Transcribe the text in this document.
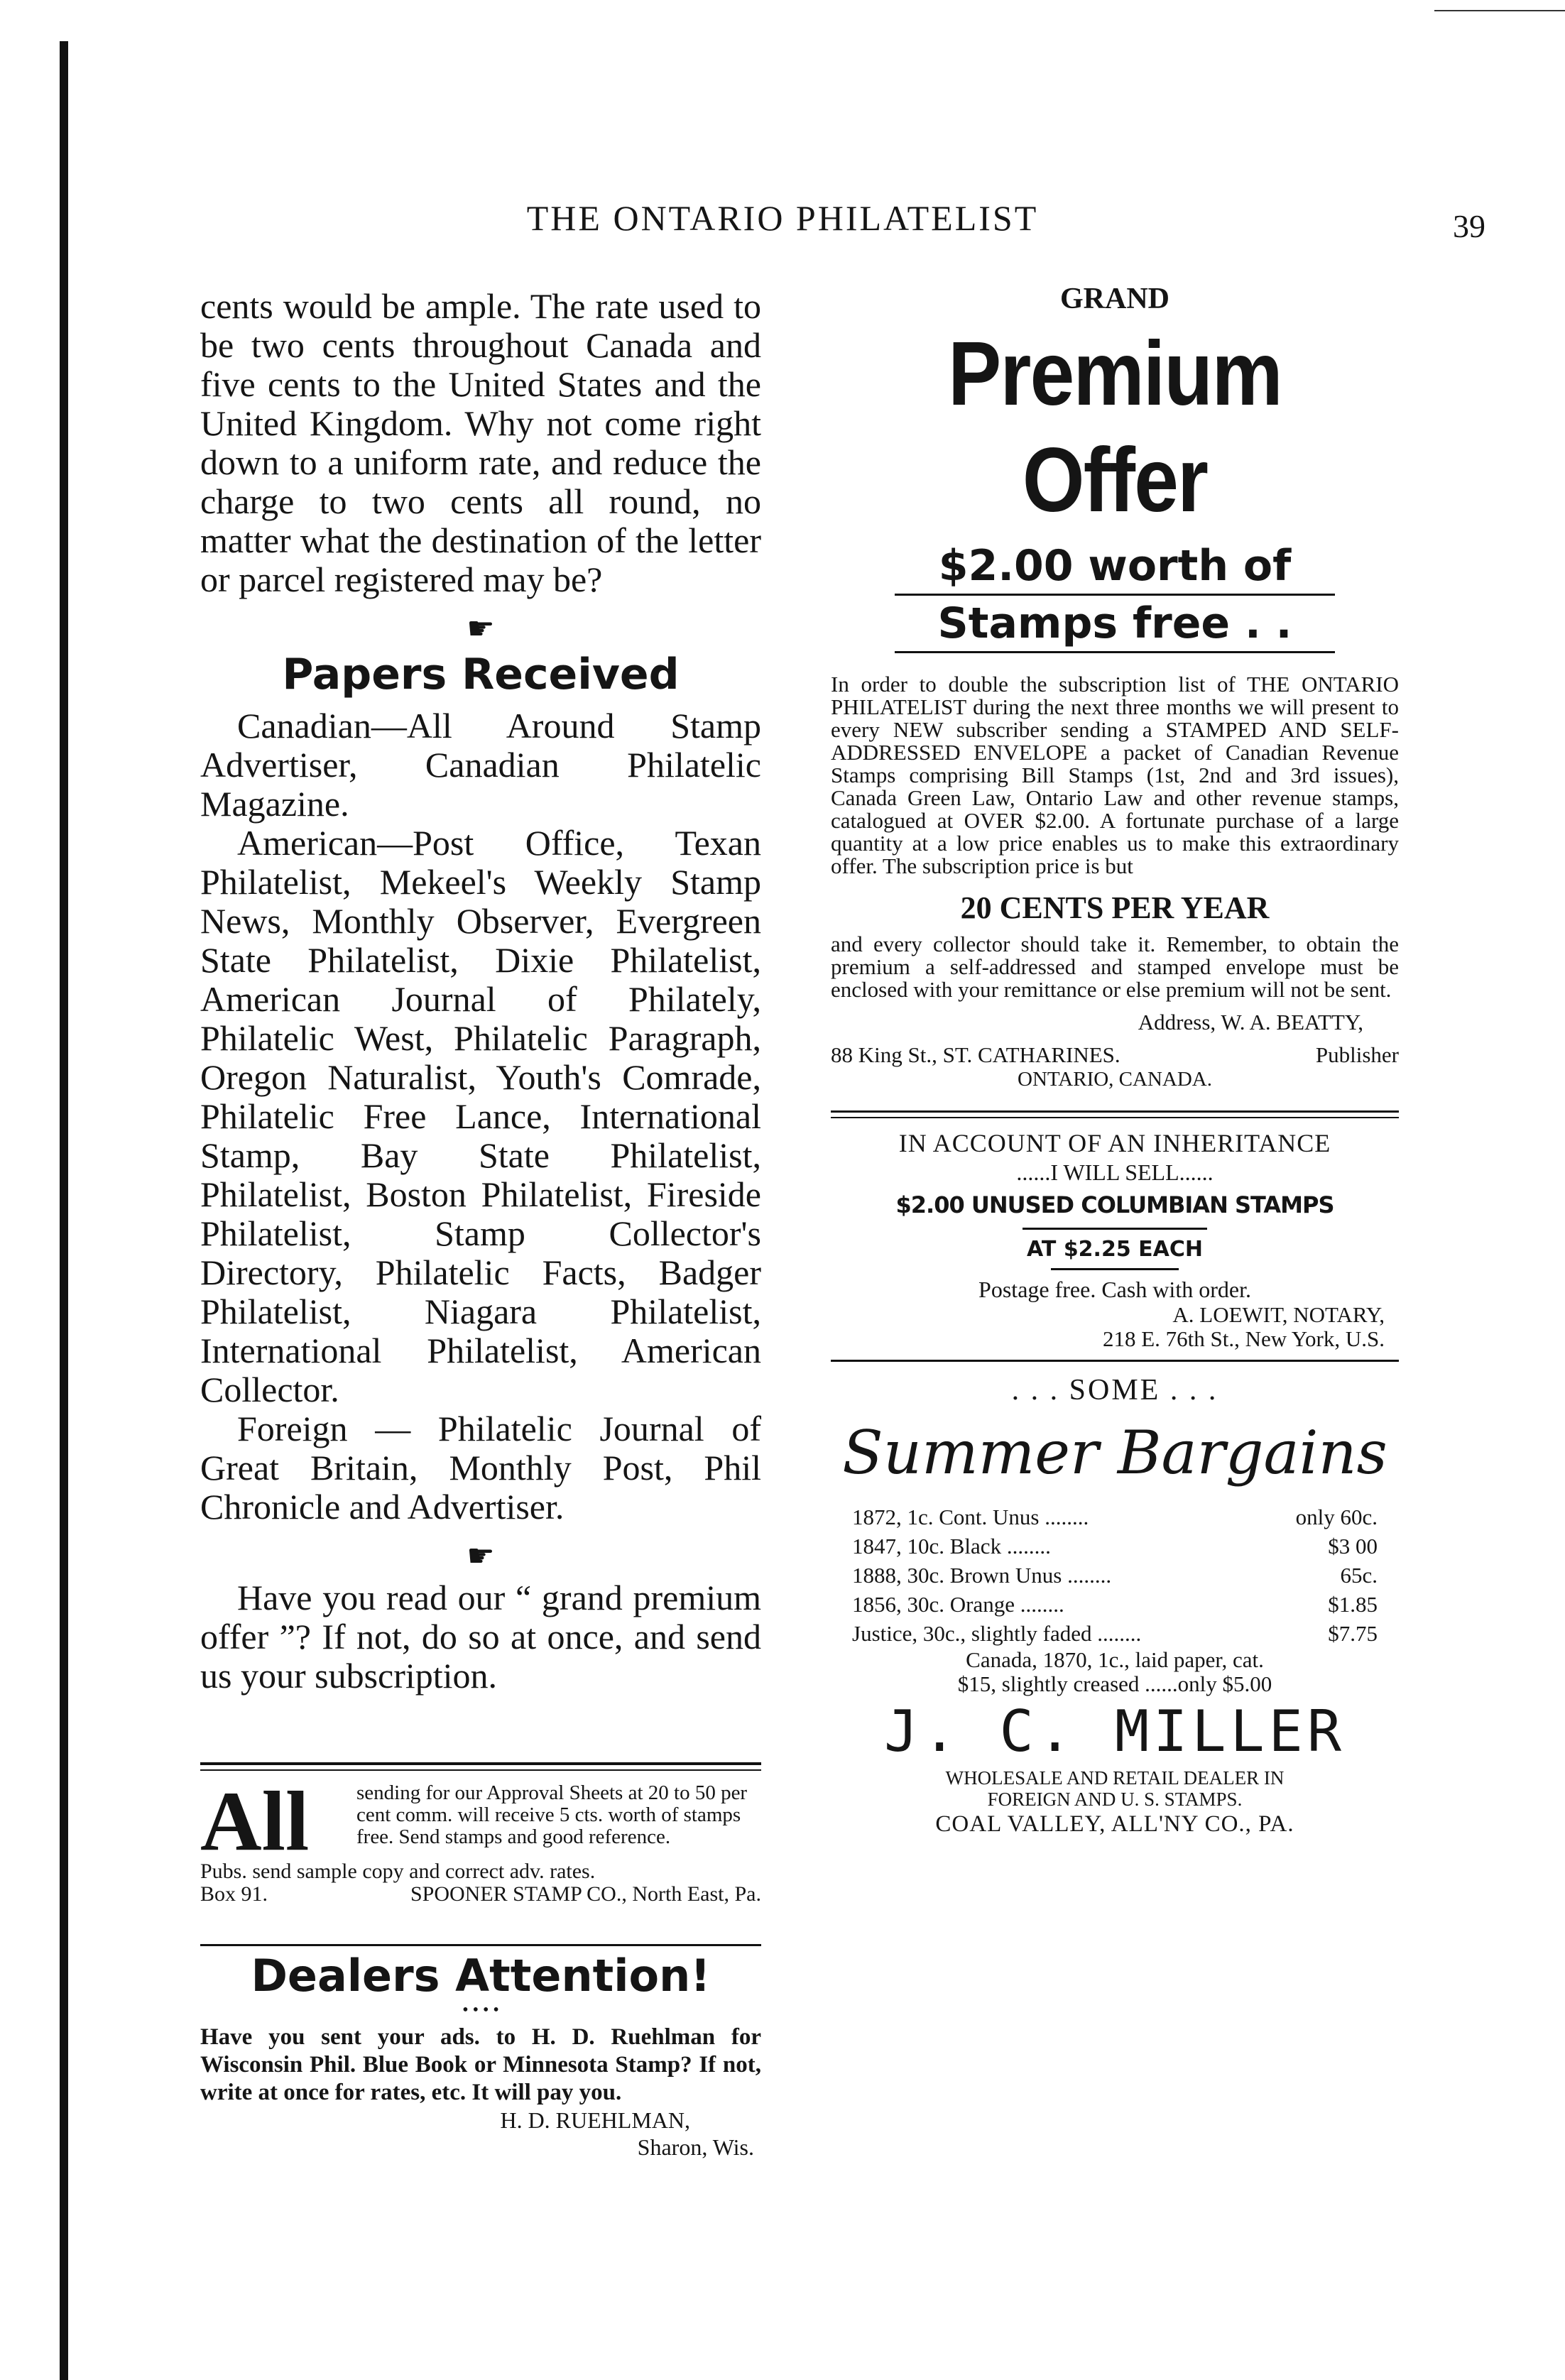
THE ONTARIO PHILATELIST	39

cents would be ample. The rate used to be two cents throughout Canada and five cents to the United States and the United Kingdom. Why not come right down to a uniform rate, and reduce the charge to two cents all round, no matter what the destination of the letter or parcel registered may be?

☛
Papers Received

Canadian—All Around Stamp Advertiser, Canadian Philatelic Magazine.

American—Post Office, Texan Philatelist, Mekeel's Weekly Stamp News, Monthly Observer, Evergreen State Philatelist, Dixie Philatelist, American Journal of Philately, Philatelic West, Philatelic Paragraph, Oregon Naturalist, Youth's Comrade, Philatelic Free Lance, International Stamp, Bay State Philatelist, Philatelist, Boston Philatelist, Fireside Philatelist, Stamp Collector's Directory, Philatelic Facts, Badger Philatelist, Niagara Philatelist, International Philatelist, American Collector.

Foreign — Philatelic Journal of Great Britain, Monthly Post, Phil Chronicle and Advertiser.

☛

Have you read our “ grand premium offer ”? If not, do so at once, and send us your subscription.

All	sending for our Approval Sheets at 20 to 50 per cent comm. will receive 5 cts. worth of stamps free. Send stamps and good reference.
Pubs. send sample copy and correct adv. rates.
Box 91.	SPOONER STAMP CO., North East, Pa.
Dealers Attention!
• • • •
Have you sent your ads. to H. D. Ruehlman for Wisconsin Phil. Blue Book or Minnesota Stamp? If not, write at once for rates, etc. It will pay you.
H. D. RUEHLMAN,
Sharon, Wis.
GRAND
Premium Offer
$2.00 worth of
Stamps free . .
In order to double the subscription list of THE ONTARIO PHILATELIST during the next three months we will present to every NEW subscriber sending a STAMPED AND SELF-ADDRESSED ENVELOPE a packet of Canadian Revenue Stamps comprising Bill Stamps (1st, 2nd and 3rd issues), Canada Green Law, Ontario Law and other revenue stamps, catalogued at OVER $2.00. A fortunate purchase of a large quantity at a low price enables us to make this extraordinary offer. The subscription price is but
20 CENTS PER YEAR
and every collector should take it. Remember, to obtain the premium a self-addressed and stamped envelope must be enclosed with your remittance or else premium will not be sent.
Address, W. A. BEATTY,
88 King St., ST. CATHARINES.	Publisher
ONTARIO, CANADA.
IN ACCOUNT OF AN INHERITANCE
......I WILL SELL......
$2.00 UNUSED COLUMBIAN STAMPS
AT $2.25 EACH
Postage free. Cash with order.
A. LOEWIT, NOTARY,
218 E. 76th St., New York, U.S.
. . . SOME . . .
Summer Bargains
1872, 1c. Cont. Unus ........	only 60c.
1847, 10c. Black ........	$3 00
1888, 30c. Brown Unus ........	65c.
1856, 30c. Orange ........	$1.85
Justice, 30c., slightly faded ........	$7.75
Canada, 1870, 1c., laid paper, cat.
$15, slightly creased ......only $5.00
J. C. MILLER
WHOLESALE AND RETAIL DEALER IN
FOREIGN AND U. S. STAMPS.
COAL VALLEY, ALL'NY CO., PA.
